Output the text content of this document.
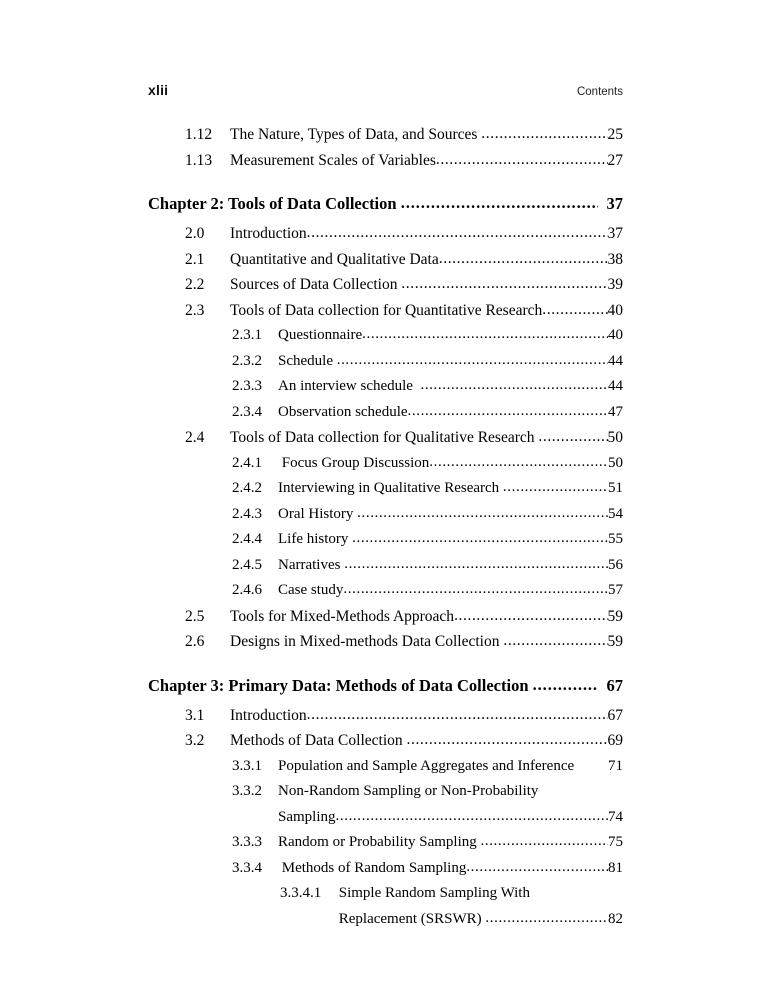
xlii	Contents
1.12	The Nature, Types of Data, and Sources .....	25
1.13	Measurement Scales of Variables .....	27
Chapter 2: Tools of Data Collection .....	37
2.0	Introduction .....	37
2.1	Quantitative and Qualitative Data .....	38
2.2	Sources of Data Collection .....	39
2.3	Tools of Data collection for Quantitative Research .....	40
2.3.1	Questionnaire .....	40
2.3.2	Schedule .....	44
2.3.3	An interview schedule .....	44
2.3.4	Observation schedule .....	47
2.4	Tools of Data collection for Qualitative Research .....	50
2.4.1	Focus Group Discussion .....	50
2.4.2	Interviewing in Qualitative Research .....	51
2.4.3	Oral History .....	54
2.4.4	Life history .....	55
2.4.5	Narratives .....	56
2.4.6	Case study .....	57
2.5	Tools for Mixed-Methods Approach .....	59
2.6	Designs in Mixed-methods Data Collection .....	59
Chapter 3: Primary Data: Methods of Data Collection .....	67
3.1	Introduction .....	67
3.2	Methods of Data Collection .....	69
3.3.1	Population and Sample Aggregates and Inference 71
3.3.2	Non-Random Sampling or Non-Probability
Sampling .....	74
3.3.3	Random or Probability Sampling .....	75
3.3.4	Methods of Random Sampling .....	81
3.3.4.1 Simple Random Sampling With
Replacement (SRSWR) .....	82
